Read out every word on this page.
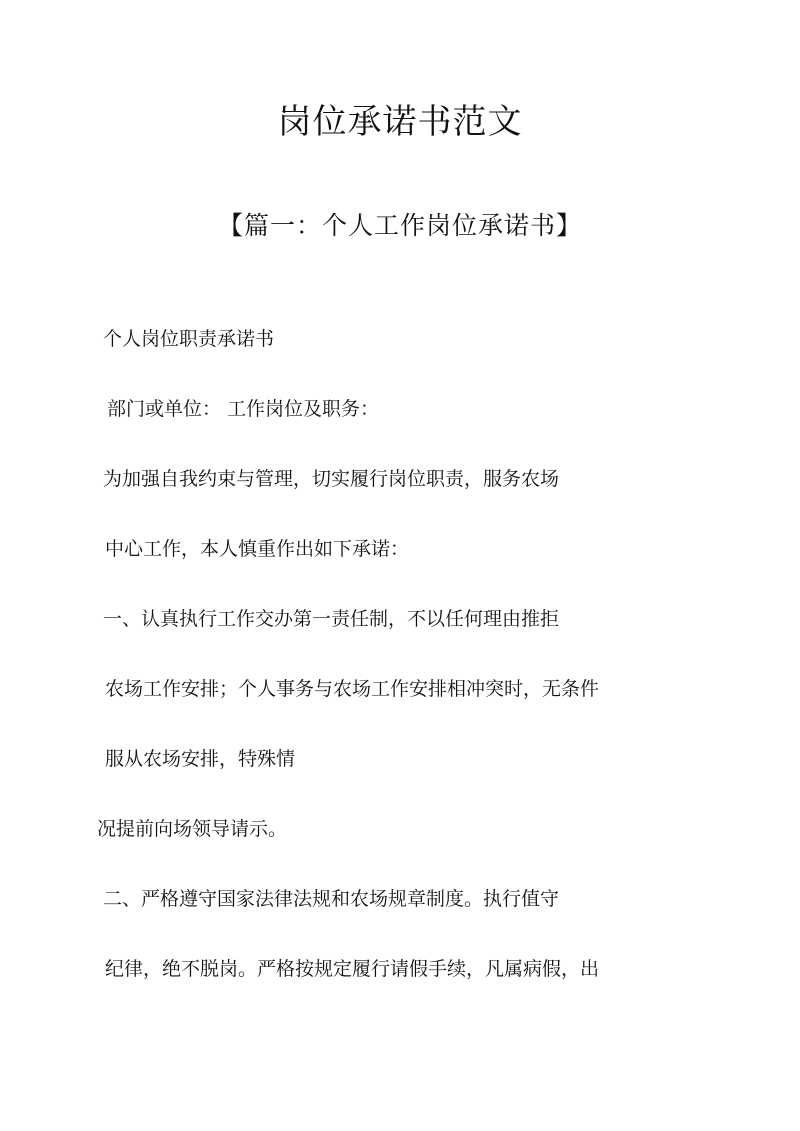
岗位承诺书范文
【篇一：个人工作岗位承诺书】

个人岗位职责承诺书

部门或单位： 工作岗位及职务：

为加强自我约束与管理，切实履行岗位职责，服务农场

中心工作，本人慎重作出如下承诺：

一、认真执行工作交办第一责任制，不以任何理由推拒

农场工作安排；个人事务与农场工作安排相冲突时，无条件

服从农场安排，特殊情

况提前向场领导请示。

二、严格遵守国家法律法规和农场规章制度。执行值守

纪律，绝不脱岗。严格按规定履行请假手续，凡属病假，出
